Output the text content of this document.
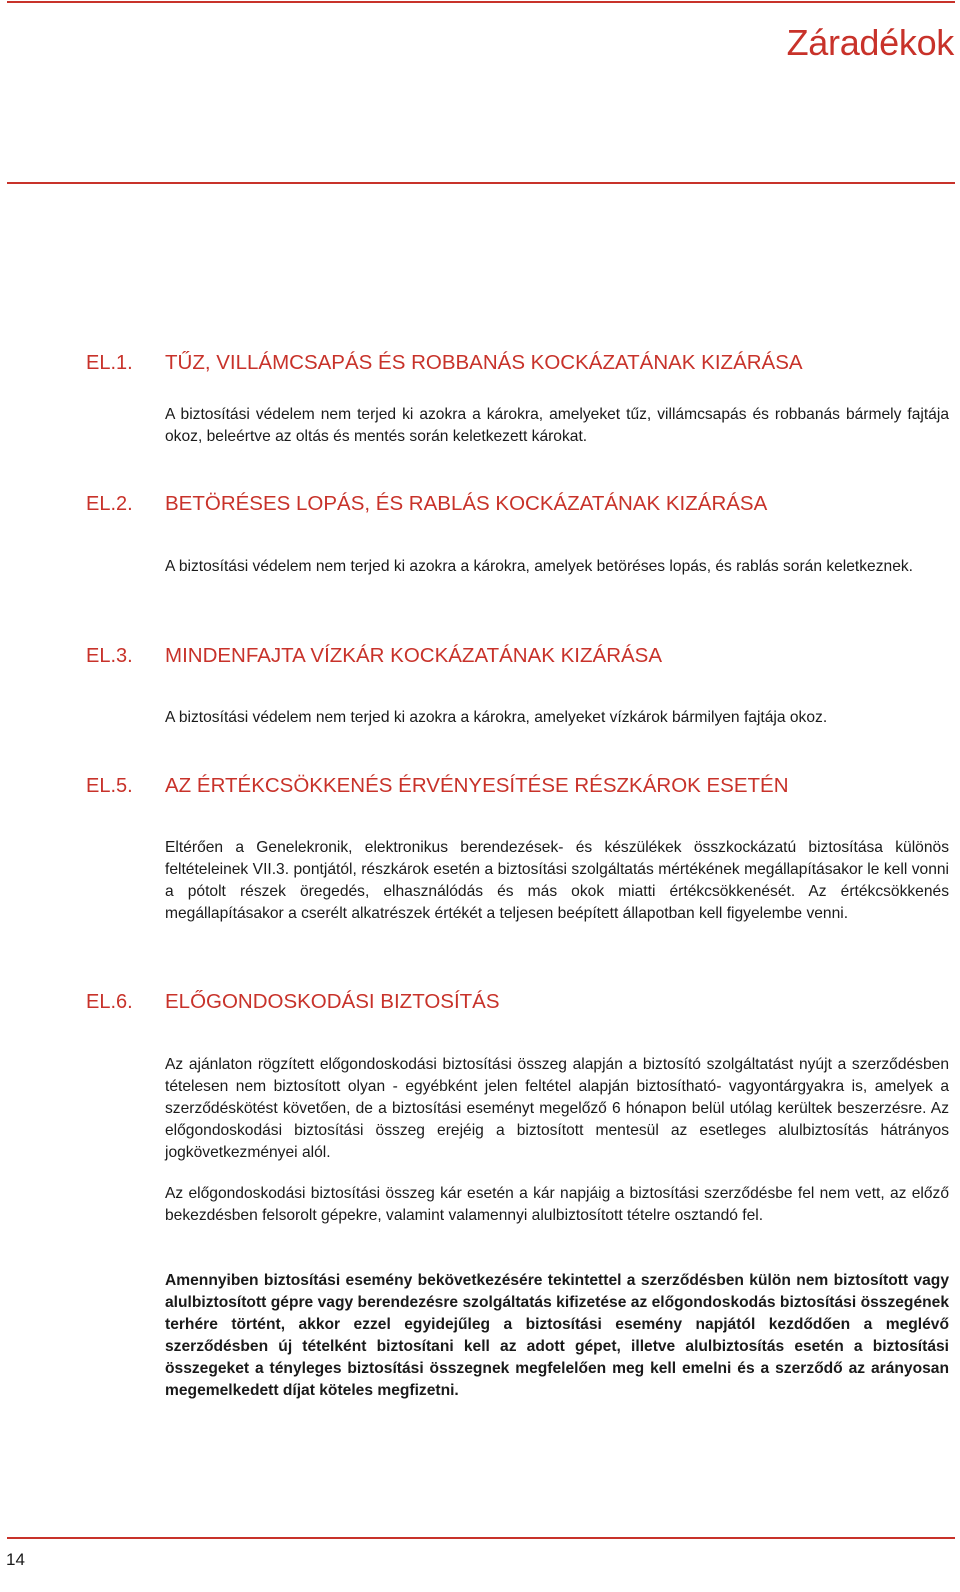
Záradékok
EL.1. TŰZ, VILLÁMCSAPÁS ÉS ROBBANÁS KOCKÁZATÁNAK KIZÁRÁSA

A biztosítási védelem nem terjed ki azokra a károkra, amelyeket tűz, villámcsapás és robbanás bármely fajtája okoz, beleértve az oltás és mentés során keletkezett károkat.

EL.2. BETÖRÉSES LOPÁS, ÉS RABLÁS KOCKÁZATÁNAK KIZÁRÁSA

A biztosítási védelem nem terjed ki azokra a károkra, amelyek betöréses lopás, és rablás során keletkeznek.

EL.3. MINDENFAJTA VÍZKÁR KOCKÁZATÁNAK KIZÁRÁSA

A biztosítási védelem nem terjed ki azokra a károkra, amelyeket vízkárok bármilyen fajtája okoz.

EL.5. AZ ÉRTÉKCSÖKKENÉS ÉRVÉNYESÍTÉSE RÉSZKÁROK ESETÉN

Eltérően a Genelekronik, elektronikus berendezések- és készülékek összkockázatú biztosítása különös feltételeinek VII.3. pontjától, részkárok esetén a biztosítási szolgáltatás mértékének megállapításakor le kell vonni a pótolt részek öregedés, elhasználódás és más okok miatti értékcsökkenését. Az értékcsökkenés megállapításakor a cserélt alkatrészek értékét a teljesen beépített állapotban kell figyelembe venni.

EL.6. ELŐGONDOSKODÁSI BIZTOSÍTÁS

Az ajánlaton rögzített előgondoskodási biztosítási összeg alapján a biztosító szolgáltatást nyújt a szerződésben tételesen nem biztosított olyan - egyébként jelen feltétel alapján biztosítható- vagyontárgyakra is, amelyek a szerződéskötést követően, de a biztosítási eseményt megelőző 6 hónapon belül utólag kerültek beszerzésre. Az előgondoskodási biztosítási összeg erejéig a biztosított mentesül az esetleges alulbiztosítás hátrányos jogkövetkezményei alól.

Az előgondoskodási biztosítási összeg kár esetén a kár napjáig a biztosítási szerződésbe fel nem vett, az előző bekezdésben felsorolt gépekre, valamint valamennyi alulbiztosított tételre osztandó fel.

Amennyiben biztosítási esemény bekövetkezésére tekintettel a szerződésben külön nem biztosított vagy alulbiztosított gépre vagy berendezésre szolgáltatás kifizetése az előgondoskodás biztosítási összegének terhére történt, akkor ezzel egyidejűleg a biztosítási esemény napjától kezdődően a meglévő szerződésben új tételként biztosítani kell az adott gépet, illetve alulbiztosítás esetén a biztosítási összegeket a tényleges biztosítási összegnek megfelelően meg kell emelni és a szerződő az arányosan megemelkedett díjat köteles megfizetni.

14
